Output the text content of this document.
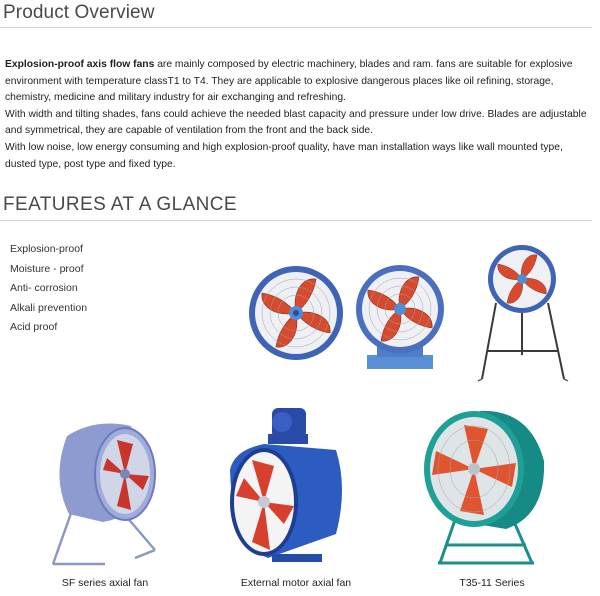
Product Overview

Explosion-proof axis flow fans are mainly composed by electric machinery, blades and ram. fans are suitable for explosive environment with temperature classT1 to T4. They are applicable to explosive dangerous places like oil refining, storage, chemistry, medicine and military industry for air exchanging and refreshing.

With width and tilting shades, fans could achieve the needed blast capacity and pressure under low drive. Blades are adjustable and symmetrical, they are capable of ventilation from the front and the back side.

With low noise, low energy consuming and high explosion-proof quality, have man installation ways like wall mounted type, dusted type, post type and fixed type.

FEATURES AT A GLANCE
Explosion-proof
Moisture - proof
Anti- corrosion
Alkali prevention
Acid proof
SF series axial fan	External motor axial fan	T35-11 Series
